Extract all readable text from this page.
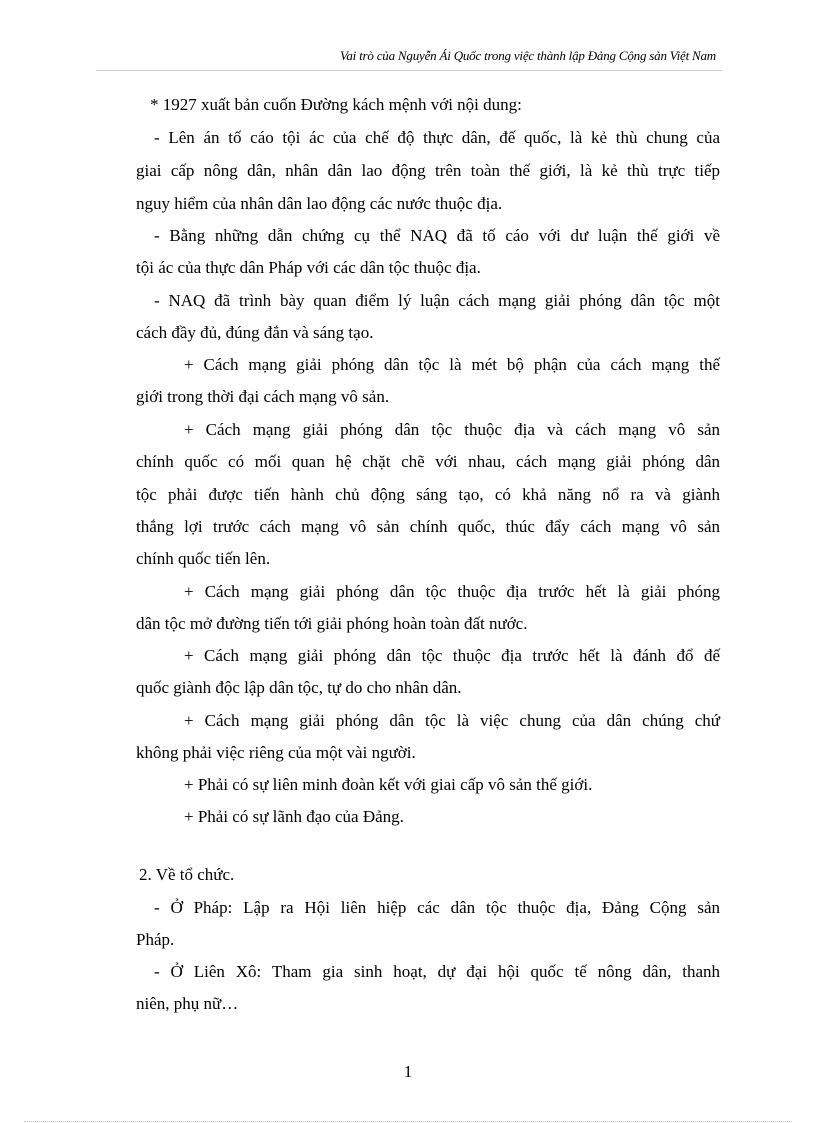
Vai trò của Nguyễn Ái Quốc trong việc thành lập Đảng Cộng sản Việt Nam
* 1927 xuất bản cuốn Đường kách mệnh với nội dung:
- Lên án tố cáo tội ác của chế độ thực dân, đế quốc, là kẻ thù chung của
giai cấp nông dân, nhân dân lao động trên toàn thế giới, là kẻ thù trực tiếp
nguy hiểm của nhân dân lao động các nước thuộc địa.
- Bằng những dẫn chứng cụ thể NAQ đã tố cáo với dư luận thế giới về
tội ác của thực dân Pháp với các dân tộc thuộc địa.
- NAQ đã trình bày quan điểm lý luận cách mạng giải phóng dân tộc một
cách đầy đủ, đúng đắn và sáng tạo.
+ Cách mạng giải phóng dân tộc là mét bộ phận của cách mạng thế
giới trong thời đại cách mạng vô sản.
+ Cách mạng giải phóng dân tộc thuộc địa và cách mạng vô sản
chính quốc có mối quan hệ chặt chẽ với nhau, cách mạng giải phóng dân
tộc phải được tiến hành chủ động sáng tạo, có khả năng nổ ra và giành
thắng lợi trước cách mạng vô sản chính quốc, thúc đẩy cách mạng vô sản
chính quốc tiến lên.
+ Cách mạng giải phóng dân tộc thuộc địa trước hết là giải phóng
dân tộc mở đường tiến tới giải phóng hoàn toàn đất nước.
+ Cách mạng giải phóng dân tộc thuộc địa trước hết là đánh đổ đế
quốc giành độc lập dân tộc, tự do cho nhân dân.
+ Cách mạng giải phóng dân tộc là việc chung của dân chúng chứ
không phải việc riêng của một vài người.
+ Phải có sự liên minh đoàn kết với giai cấp vô sản thế giới.
+ Phải có sự lãnh đạo của Đảng.
2. Về tổ chức.
- Ở Pháp: Lập ra Hội liên hiệp các dân tộc thuộc địa, Đảng Cộng sản
Pháp.
- Ở Liên Xô: Tham gia sinh hoạt, dự đại hội quốc tế nông dân, thanh
niên, phụ nữ…
1
